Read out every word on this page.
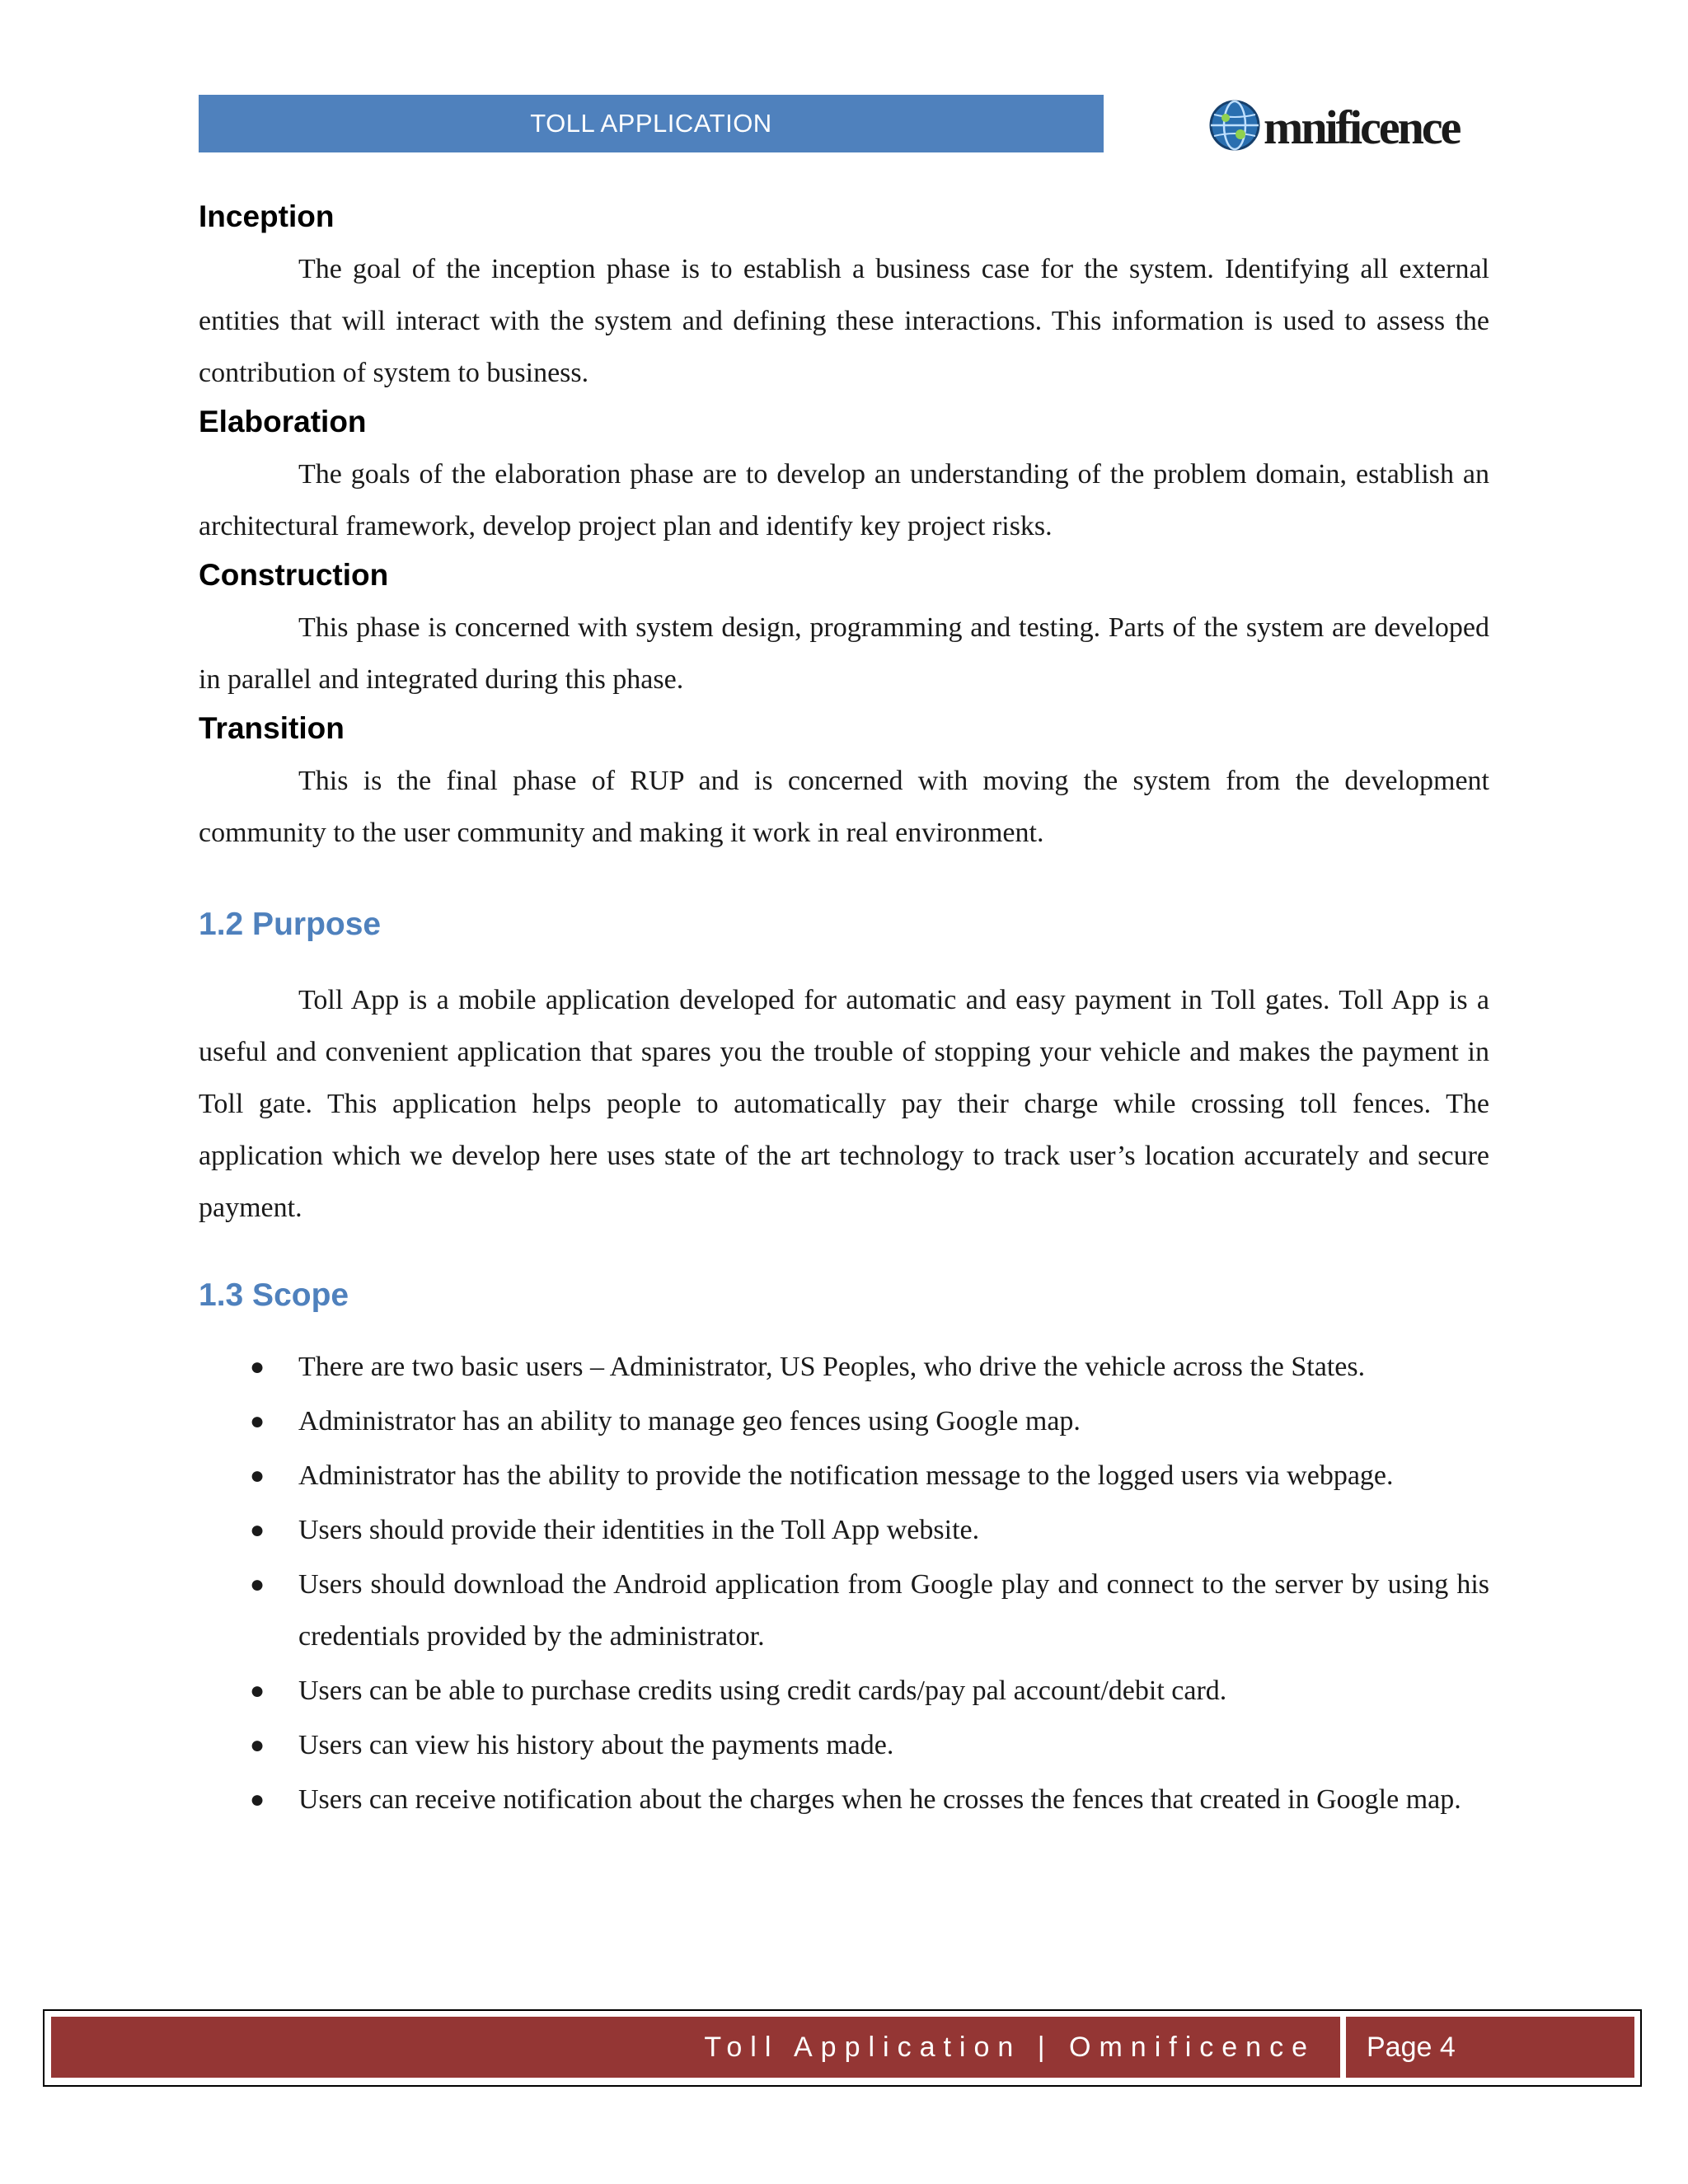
TOLL APPLICATION	mnificence
Inception

The goal of the inception phase is to establish a business case for the system. Identifying all external entities that will interact with the system and defining these interactions. This information is used to assess the contribution of system to business.

Elaboration

The goals of the elaboration phase are to develop an understanding of the problem domain, establish an architectural framework, develop project plan and identify key project risks.

Construction

This phase is concerned with system design, programming and testing. Parts of the system are developed in parallel and integrated during this phase.

Transition

This is the final phase of RUP and is concerned with moving the system from the development community to the user community and making it work in real environment.

1.2 Purpose

Toll App is a mobile application developed for automatic and easy payment in Toll gates. Toll App is a useful and convenient application that spares you the trouble of stopping your vehicle and makes the payment in Toll gate. This application helps people to automatically pay their charge while crossing toll fences. The application which we develop here uses state of the art technology to track user’s location accurately and secure payment.

1.3 Scope
● There are two basic users – Administrator, US Peoples, who drive the vehicle across the States.
● Administrator has an ability to manage geo fences using Google map.
● Administrator has the ability to provide the notification message to the logged users via webpage.
● Users should provide their identities in the Toll App website.
● Users should download the Android application from Google play and connect to the server by using his credentials provided by the administrator.
● Users can be able to purchase credits using credit cards/pay pal account/debit card.
● Users can view his history about the payments made.
● Users can receive notification about the charges when he crosses the fences that created in Google map.
Toll Application | Omnificence Page 4
